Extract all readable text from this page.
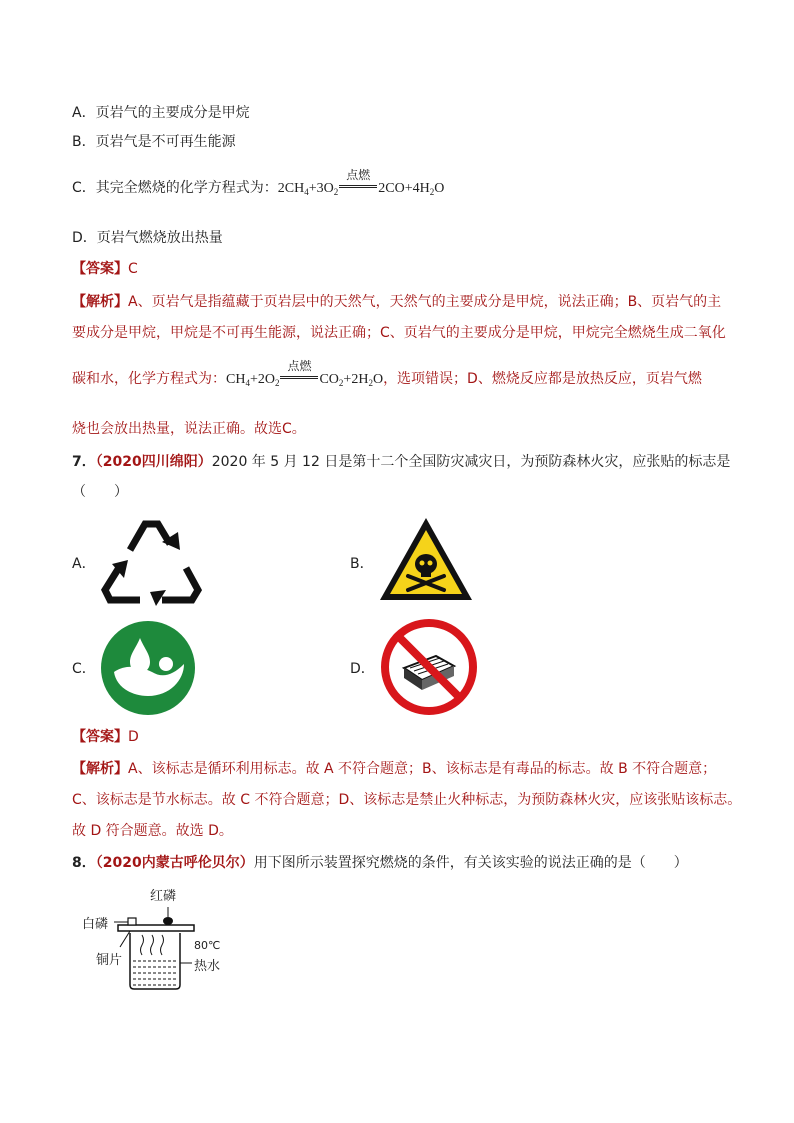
A．页岩气的主要成分是甲烷
B．页岩气是不可再生能源
C．其完全燃烧的化学方程式为：$2CH_4+3O_2$
点燃
$2CO+4H_2O$
D．页岩气燃烧放出热量
【答案】C
【解析】A、页岩气是指蕴藏于页岩层中的天然气，天然气的主要成分是甲烷，说法正确；B、页岩气的主
要成分是甲烷，甲烷是不可再生能源，说法正确；C、页岩气的主要成分是甲烷，甲烷完全燃烧生成二氧化
碳和水，化学方程式为：$CH_4+2O_2$
点燃
$CO_2+2H_2O$，选项错误；D、燃烧反应都是放热反应，页岩气燃
烧也会放出热量，说法正确。故选C。
7．（2020四川绵阳）2020 年 5 月 12 日是第十二个全国防灾减灾日，为预防森林火灾，应张贴的标志是
（　　）
A．	B．
C．	D．
【答案】D
【解析】A、该标志是循环利用标志。故 A 不符合题意；B、该标志是有毒品的标志。故 B 不符合题意；
C、该标志是节水标志。故 C 不符合题意；D、该标志是禁止火种标志，为预防森林火灾，应该张贴该标志。
故 D 符合题意。故选 D。
8．（2020内蒙古呼伦贝尔）用下图所示装置探究燃烧的条件，有关该实验的说法正确的是（　　）
红磷
白磷
80℃
铜片	热水
